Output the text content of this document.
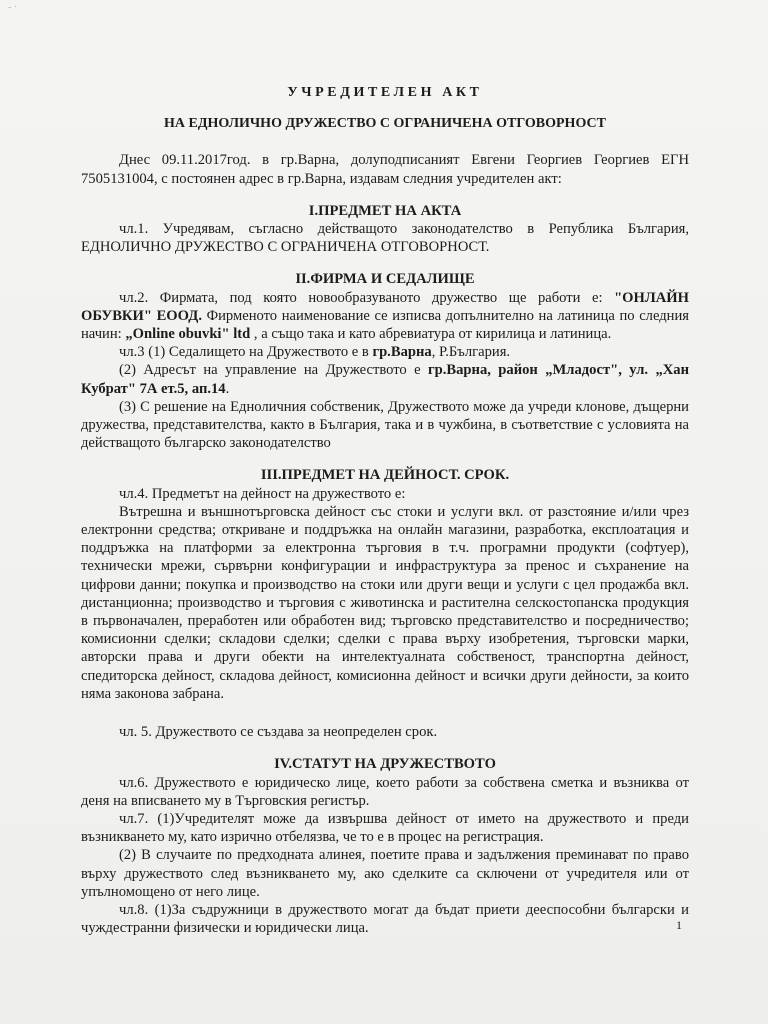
- ·

УЧРЕДИТЕЛЕН АКТ

НА ЕДНОЛИЧНО ДРУЖЕСТВО С ОГРАНИЧЕНА ОТГОВОРНОСТ

Днес 09.11.2017год. в гр.Варна, долуподписаният Евгени Георгиев Георгиев ЕГН 7505131004, с постоянен адрес в гр.Варна, издавам следния учредителен акт:

I.ПРЕДМЕТ НА АКТА

чл.1. Учредявам, съгласно действащото законодателство в Република България, ЕДНОЛИЧНО ДРУЖЕСТВО С ОГРАНИЧЕНА ОТГОВОРНОСТ.

II.ФИРМА И СЕДАЛИЩЕ

чл.2. Фирмата, под която новообразуваното дружество ще работи е: "ОНЛАЙН ОБУВКИ" ЕООД. Фирменото наименование се изписва допълнително на латиница по следния начин: „Online obuvki" ltd , а също така и като абревиатура от кирилица и латиница.

чл.3 (1) Седалището на Дружеството е в гр.Варна, Р.България.

(2) Адресът на управление на Дружеството е гр.Варна, район „Младост", ул. „Хан Кубрат" 7А ет.5, ап.14.

(3) С решение на Едноличния собственик, Дружеството може да учреди клонове, дъщерни дружества, представителства, както в България, така и в чужбина, в съответствие с условията на действащото българско законодателство

III.ПРЕДМЕТ НА ДЕЙНОСТ. СРОК.

чл.4. Предметът на дейност на дружеството е:

Вътрешна и външнотърговска дейност със стоки и услуги вкл. от разстояние и/или чрез електронни средства; откриване и поддръжка на онлайн магазини, разработка, експлоатация и поддръжка на платформи за електронна търговия в т.ч. програмни продукти (софтуер), технически мрежи, сървърни конфигурации и инфраструктура за пренос и съхранение на цифрови данни; покупка и производство на стоки или други вещи и услуги с цел продажба вкл. дистанционна; производство и търговия с животинска и растителна селскостопанска продукция в първоначален, преработен или обработен вид; търговско представителство и посредничество; комисионни сделки; складови сделки; сделки с права върху изобретения, търговски марки, авторски права и други обекти на интелектуалната собственост, транспортна дейност, спедиторска дейност, складова дейност, комисионна дейност и всички други дейности, за които няма законова забрана.

чл. 5. Дружеството се създава за неопределен срок.

IV.СТАТУТ НА ДРУЖЕСТВОТО

чл.6. Дружеството е юридическо лице, което работи за собствена сметка и възниква от деня на вписването му в Търговския регистър.

чл.7. (1)Учредителят може да извършва дейност от името на дружеството и преди възникването му, като изрично отбелязва, че то е в процес на регистрация.

(2) В случаите по предходната алинея, поетите права и задължения преминават по право върху дружеството след възникването му, ако сделките са сключени от учредителя или от упълномощено от него лице.

чл.8. (1)За съдружници в дружеството могат да бъдат приети дееспособни български и чуждестранни физически и юридически лица.	1
